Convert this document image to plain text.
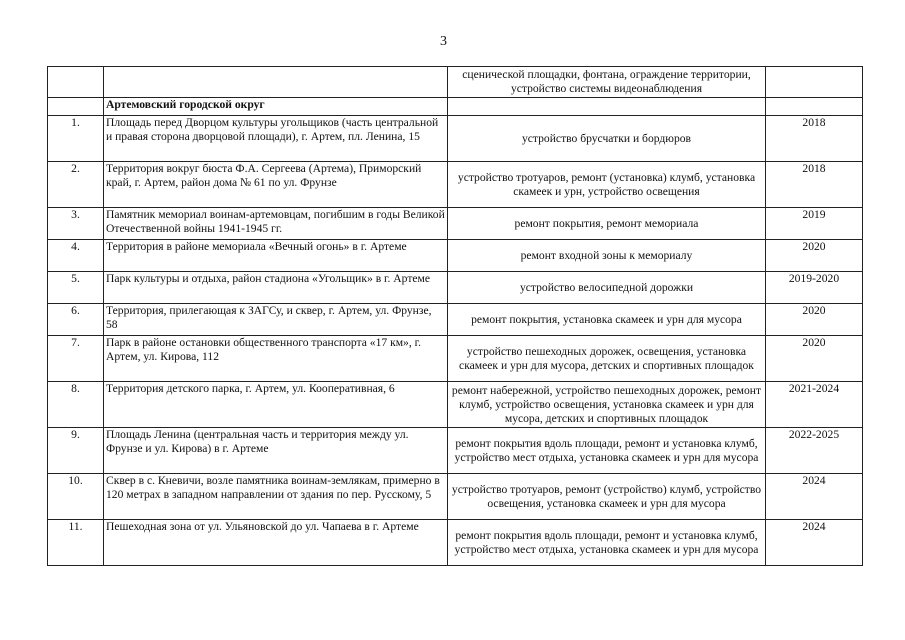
3
		сценической площадки, фонтана, ограждение территории, устройство системы видеонаблюдения	
	Артемовский городской округ		
1.	Площадь перед Дворцом культуры угольщиков (часть центральной и правая сторона дворцовой площади), г. Артем, пл. Ленина, 15	устройство брусчатки и бордюров	2018
2.	Территория вокруг бюста Ф.А. Сергеева (Артема), Приморский край, г. Артем, район дома № 61 по ул. Фрунзе	устройство тротуаров, ремонт (установка) клумб, установка скамеек и урн, устройство освещения	2018
3.	Памятник мемориал воинам-артемовцам, погибшим в годы Великой Отечественной войны 1941-1945 гг.	ремонт покрытия, ремонт мемориала	2019
4.	Территория в районе мемориала «Вечный огонь» в г. Артеме	ремонт входной зоны к мемориалу	2020
5.	Парк культуры и отдыха, район стадиона «Угольщик» в г. Артеме	устройство велосипедной дорожки	2019-2020
6.	Территория, прилегающая к ЗАГСу, и сквер, г. Артем, ул. Фрунзе, 58	ремонт покрытия, установка скамеек и урн для мусора	2020
7.	Парк в районе остановки общественного транспорта «17 км», г. Артем, ул. Кирова, 112	устройство пешеходных дорожек, освещения, установка скамеек и урн для мусора, детских и спортивных площадок	2020
8.	Территория детского парка, г. Артем, ул. Кооперативная, 6	ремонт набережной, устройство пешеходных дорожек, ремонт клумб, устройство освещения, установка скамеек и урн для мусора, детских и спортивных площадок	2021-2024
9.	Площадь Ленина (центральная часть и территория между ул. Фрунзе и ул. Кирова) в г. Артеме	ремонт покрытия вдоль площади, ремонт и установка клумб, устройство мест отдыха, установка скамеек и урн для мусора	2022-2025
10.	Сквер в с. Кневичи, возле памятника воинам-землякам, примерно в 120 метрах в западном направлении от здания по пер. Русскому, 5	устройство тротуаров, ремонт (устройство) клумб, устройство освещения, установка скамеек и урн для мусора	2024
11.	Пешеходная зона от ул. Ульяновской до ул. Чапаева в г. Артеме	ремонт покрытия вдоль площади, ремонт и установка клумб, устройство мест отдыха, установка скамеек и урн для мусора	2024
